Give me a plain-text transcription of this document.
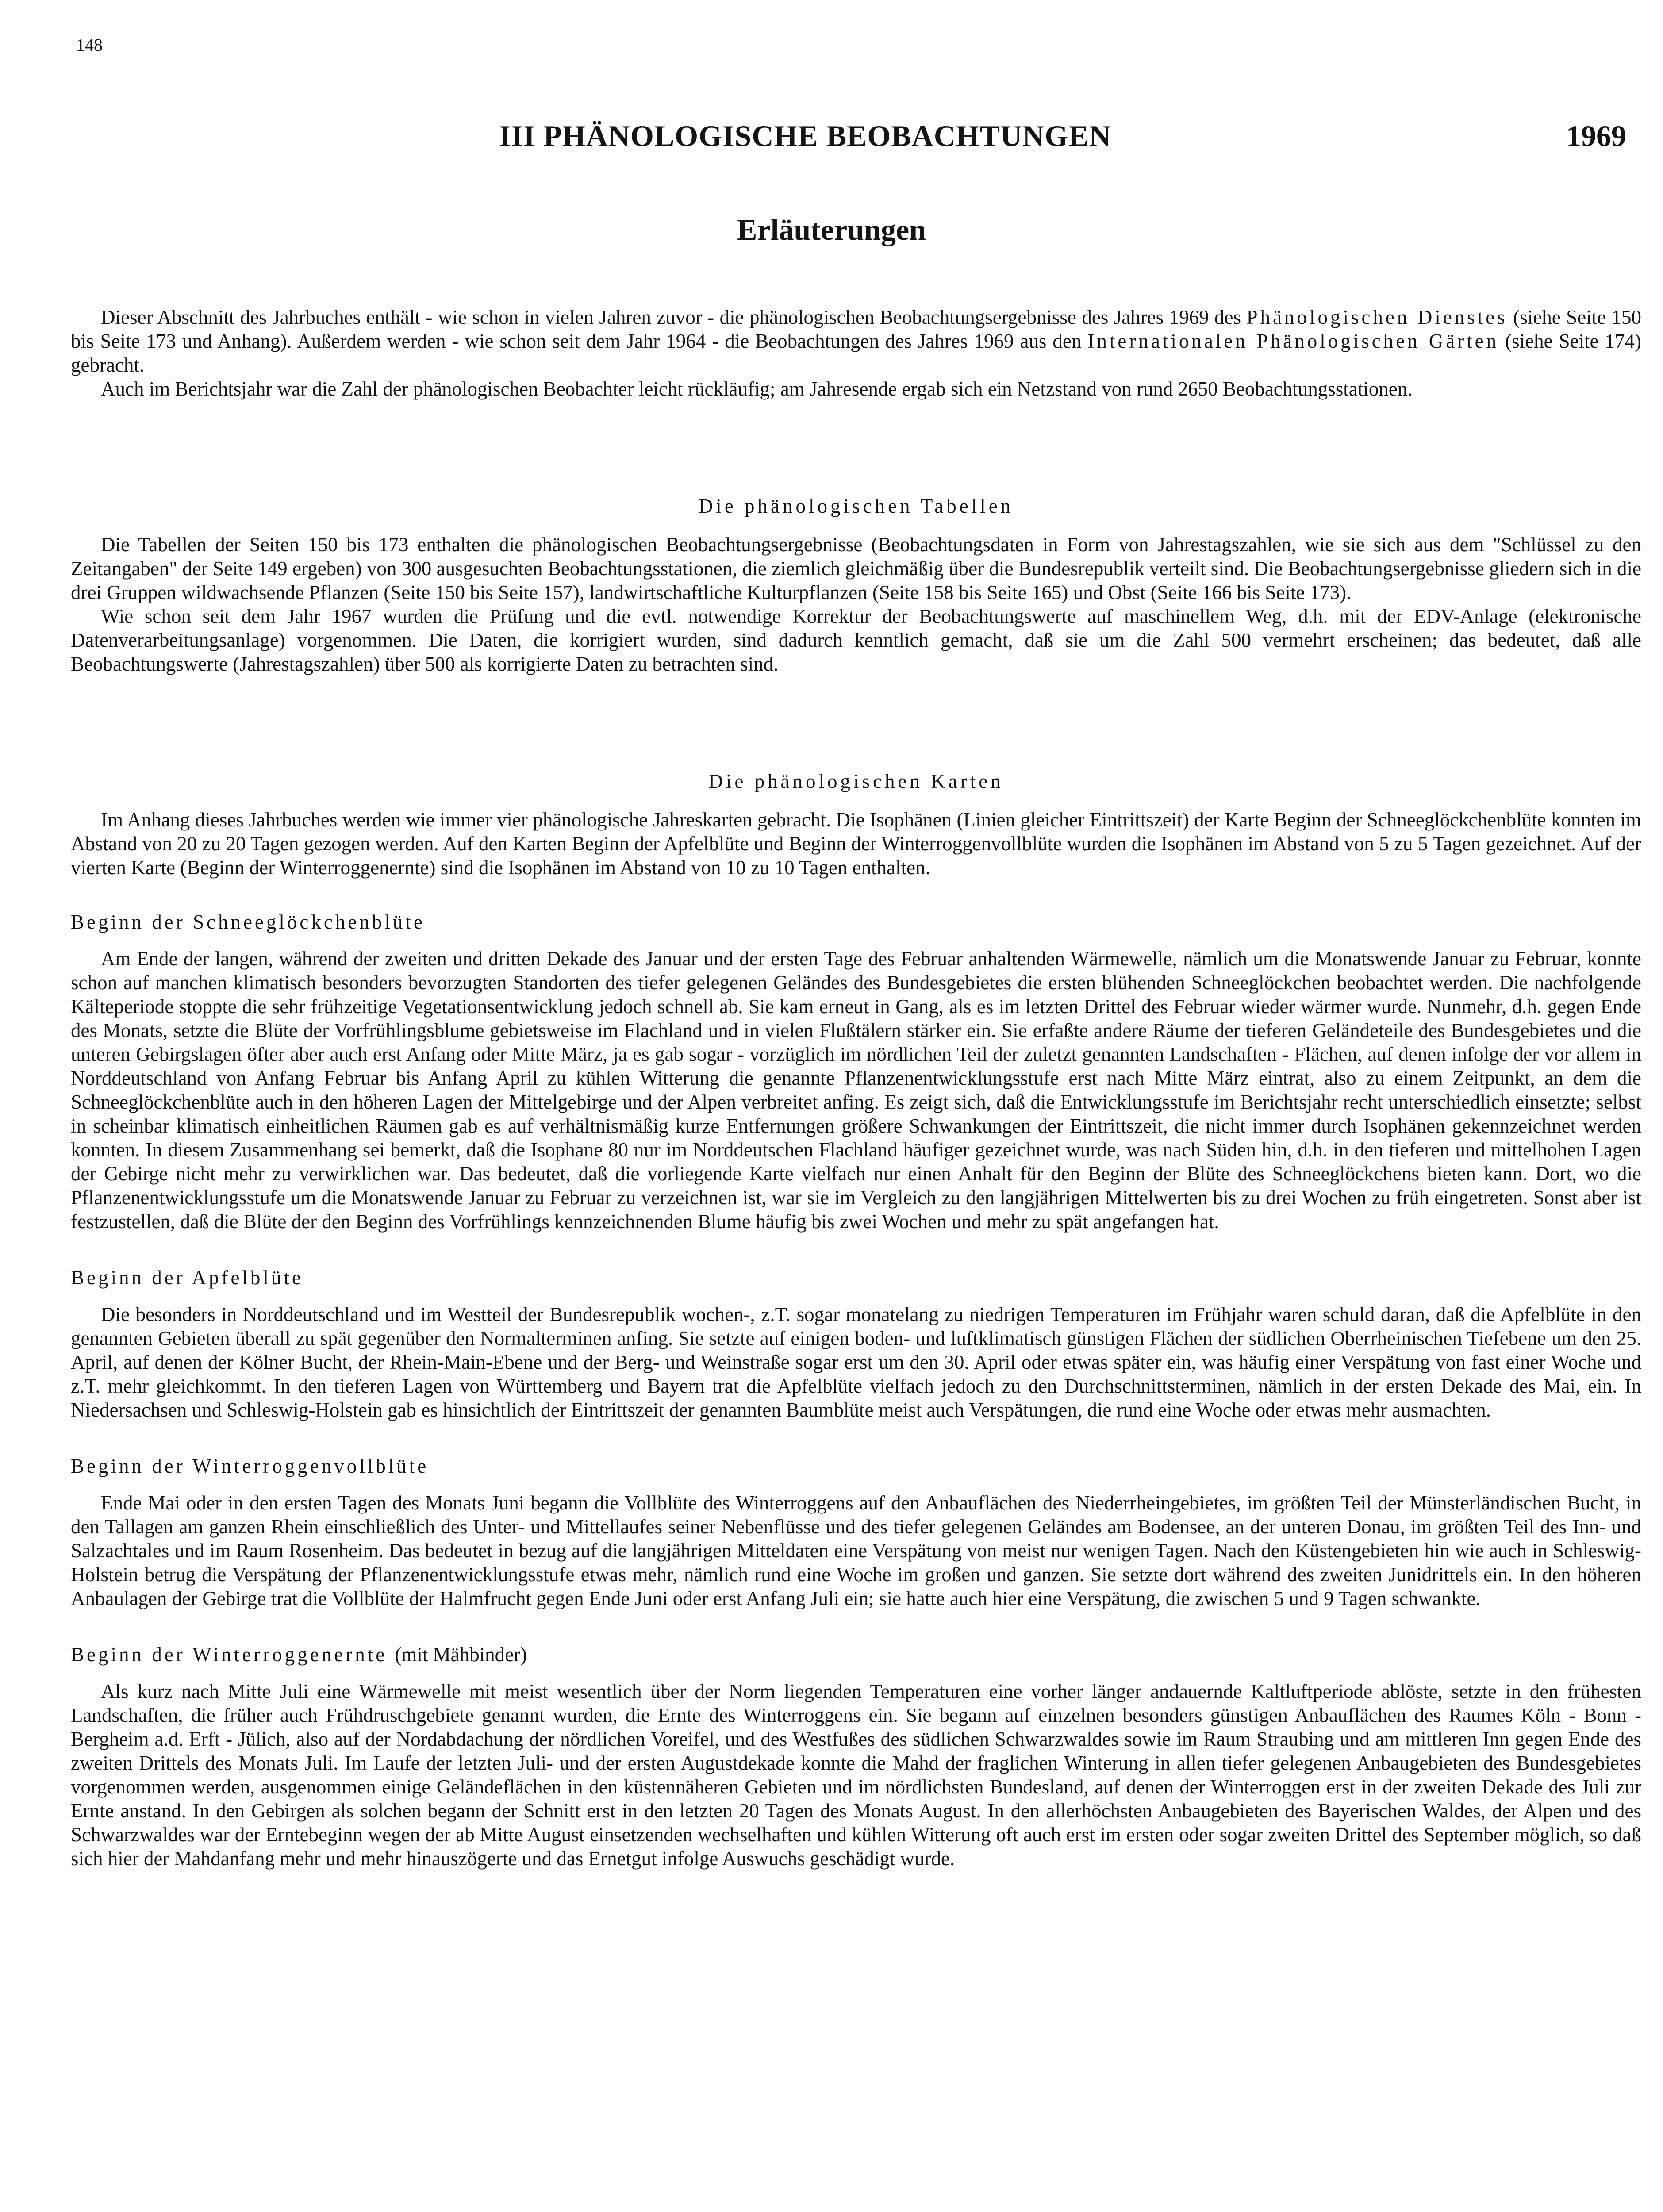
148
III PHÄNOLOGISCHE BEOBACHTUNGEN	1969
Erläuterungen

Dieser Abschnitt des Jahrbuches enthält - wie schon in vielen Jahren zuvor - die phänologischen Beobachtungsergebnisse des Jahres 1969 des Phänologischen Dienstes (siehe Seite 150 bis Seite 173 und Anhang). Außerdem werden - wie schon seit dem Jahr 1964 - die Beobachtungen des Jahres 1969 aus den Internationalen Phänologischen Gärten (siehe Seite 174) gebracht.

Auch im Berichtsjahr war die Zahl der phänologischen Beobachter leicht rückläufig; am Jahresende ergab sich ein Netzstand von rund 2650 Beobachtungsstationen.

Die phänologischen Tabellen

Die Tabellen der Seiten 150 bis 173 enthalten die phänologischen Beobachtungsergebnisse (Beobachtungsdaten in Form von Jahrestagszahlen, wie sie sich aus dem "Schlüssel zu den Zeitangaben" der Seite 149 ergeben) von 300 ausgesuchten Beobachtungsstationen, die ziemlich gleichmäßig über die Bundesrepublik verteilt sind. Die Beobachtungsergebnisse gliedern sich in die drei Gruppen wildwachsende Pflanzen (Seite 150 bis Seite 157), landwirtschaftliche Kulturpflanzen (Seite 158 bis Seite 165) und Obst (Seite 166 bis Seite 173).

Wie schon seit dem Jahr 1967 wurden die Prüfung und die evtl. notwendige Korrektur der Beobachtungswerte auf maschinellem Weg, d.h. mit der EDV-Anlage (elektronische Datenverarbeitungsanlage) vorgenommen. Die Daten, die korrigiert wurden, sind dadurch kenntlich gemacht, daß sie um die Zahl 500 vermehrt erscheinen; das bedeutet, daß alle Beobachtungswerte (Jahrestagszahlen) über 500 als korrigierte Daten zu betrachten sind.

Die phänologischen Karten

Im Anhang dieses Jahrbuches werden wie immer vier phänologische Jahreskarten gebracht. Die Isophänen (Linien gleicher Eintrittszeit) der Karte Beginn der Schneeglöckchenblüte konnten im Abstand von 20 zu 20 Tagen gezogen werden. Auf den Karten Beginn der Apfelblüte und Beginn der Winterroggenvollblüte wurden die Isophänen im Abstand von 5 zu 5 Tagen gezeichnet. Auf der vierten Karte (Beginn der Winterroggenernte) sind die Isophänen im Abstand von 10 zu 10 Tagen enthalten.

Beginn der Schneeglöckchenblüte

Am Ende der langen, während der zweiten und dritten Dekade des Januar und der ersten Tage des Februar anhaltenden Wärmewelle, nämlich um die Monatswende Januar zu Februar, konnte schon auf manchen klimatisch besonders bevorzugten Standorten des tiefer gelegenen Geländes des Bundesgebietes die ersten blühenden Schneeglöckchen beobachtet werden. Die nachfolgende Kälteperiode stoppte die sehr frühzeitige Vegetationsentwicklung jedoch schnell ab. Sie kam erneut in Gang, als es im letzten Drittel des Februar wieder wärmer wurde. Nunmehr, d.h. gegen Ende des Monats, setzte die Blüte der Vorfrühlingsblume gebietsweise im Flachland und in vielen Flußtälern stärker ein. Sie erfaßte andere Räume der tieferen Geländeteile des Bundesgebietes und die unteren Gebirgslagen öfter aber auch erst Anfang oder Mitte März, ja es gab sogar - vorzüglich im nördlichen Teil der zuletzt genannten Landschaften - Flächen, auf denen infolge der vor allem in Norddeutschland von Anfang Februar bis Anfang April zu kühlen Witterung die genannte Pflanzenentwicklungsstufe erst nach Mitte März eintrat, also zu einem Zeitpunkt, an dem die Schneeglöckchenblüte auch in den höheren Lagen der Mittelgebirge und der Alpen verbreitet anfing. Es zeigt sich, daß die Entwicklungsstufe im Berichtsjahr recht unterschiedlich einsetzte; selbst in scheinbar klimatisch einheitlichen Räumen gab es auf verhältnismäßig kurze Entfernungen größere Schwankungen der Eintrittszeit, die nicht immer durch Isophänen gekennzeichnet werden konnten. In diesem Zusammenhang sei bemerkt, daß die Isophane 80 nur im Norddeutschen Flachland häufiger gezeichnet wurde, was nach Süden hin, d.h. in den tieferen und mittelhohen Lagen der Gebirge nicht mehr zu verwirklichen war. Das bedeutet, daß die vorliegende Karte vielfach nur einen Anhalt für den Beginn der Blüte des Schneeglöckchens bieten kann. Dort, wo die Pflanzenentwicklungsstufe um die Monatswende Januar zu Februar zu verzeichnen ist, war sie im Vergleich zu den langjährigen Mittelwerten bis zu drei Wochen zu früh eingetreten. Sonst aber ist festzustellen, daß die Blüte der den Beginn des Vorfrühlings kennzeichnenden Blume häufig bis zwei Wochen und mehr zu spät angefangen hat.

Beginn der Apfelblüte

Die besonders in Norddeutschland und im Westteil der Bundesrepublik wochen-, z.T. sogar monatelang zu niedrigen Temperaturen im Frühjahr waren schuld daran, daß die Apfelblüte in den genannten Gebieten überall zu spät gegenüber den Normalterminen anfing. Sie setzte auf einigen boden- und luftklimatisch günstigen Flächen der südlichen Oberrheinischen Tiefebene um den 25. April, auf denen der Kölner Bucht, der Rhein-Main-Ebene und der Berg- und Weinstraße sogar erst um den 30. April oder etwas später ein, was häufig einer Verspätung von fast einer Woche und z.T. mehr gleichkommt. In den tieferen Lagen von Württemberg und Bayern trat die Apfelblüte vielfach jedoch zu den Durchschnittsterminen, nämlich in der ersten Dekade des Mai, ein. In Niedersachsen und Schleswig-Holstein gab es hinsichtlich der Eintrittszeit der genannten Baumblüte meist auch Verspätungen, die rund eine Woche oder etwas mehr ausmachten.

Beginn der Winterroggenvollblüte

Ende Mai oder in den ersten Tagen des Monats Juni begann die Vollblüte des Winterroggens auf den Anbauflächen des Niederrheingebietes, im größten Teil der Münsterländischen Bucht, in den Tallagen am ganzen Rhein einschließlich des Unter- und Mittellaufes seiner Nebenflüsse und des tiefer gelegenen Geländes am Bodensee, an der unteren Donau, im größten Teil des Inn- und Salzachtales und im Raum Rosenheim. Das bedeutet in bezug auf die langjährigen Mitteldaten eine Verspätung von meist nur wenigen Tagen. Nach den Küstengebieten hin wie auch in Schleswig-Holstein betrug die Verspätung der Pflanzenentwicklungsstufe etwas mehr, nämlich rund eine Woche im großen und ganzen. Sie setzte dort während des zweiten Junidrittels ein. In den höheren Anbaulagen der Gebirge trat die Vollblüte der Halmfrucht gegen Ende Juni oder erst Anfang Juli ein; sie hatte auch hier eine Verspätung, die zwischen 5 und 9 Tagen schwankte.

Beginn der Winterroggenernte (mit Mähbinder)

Als kurz nach Mitte Juli eine Wärmewelle mit meist wesentlich über der Norm liegenden Temperaturen eine vorher länger andauernde Kaltluftperiode ablöste, setzte in den frühesten Landschaften, die früher auch Frühdruschgebiete genannt wurden, die Ernte des Winterroggens ein. Sie begann auf einzelnen besonders günstigen Anbauflächen des Raumes Köln - Bonn - Bergheim a.d. Erft - Jülich, also auf der Nordabdachung der nördlichen Voreifel, und des Westfußes des südlichen Schwarzwaldes sowie im Raum Straubing und am mittleren Inn gegen Ende des zweiten Drittels des Monats Juli. Im Laufe der letzten Juli- und der ersten Augustdekade konnte die Mahd der fraglichen Winterung in allen tiefer gelegenen Anbaugebieten des Bundesgebietes vorgenommen werden, ausgenommen einige Geländeflächen in den küstennäheren Gebieten und im nördlichsten Bundesland, auf denen der Winterroggen erst in der zweiten Dekade des Juli zur Ernte anstand. In den Gebirgen als solchen begann der Schnitt erst in den letzten 20 Tagen des Monats August. In den allerhöchsten Anbaugebieten des Bayerischen Waldes, der Alpen und des Schwarzwaldes war der Erntebeginn wegen der ab Mitte August einsetzenden wechselhaften und kühlen Witterung oft auch erst im ersten oder sogar zweiten Drittel des September möglich, so daß sich hier der Mahdanfang mehr und mehr hinauszögerte und das Ernetgut infolge Auswuchs geschädigt wurde.
